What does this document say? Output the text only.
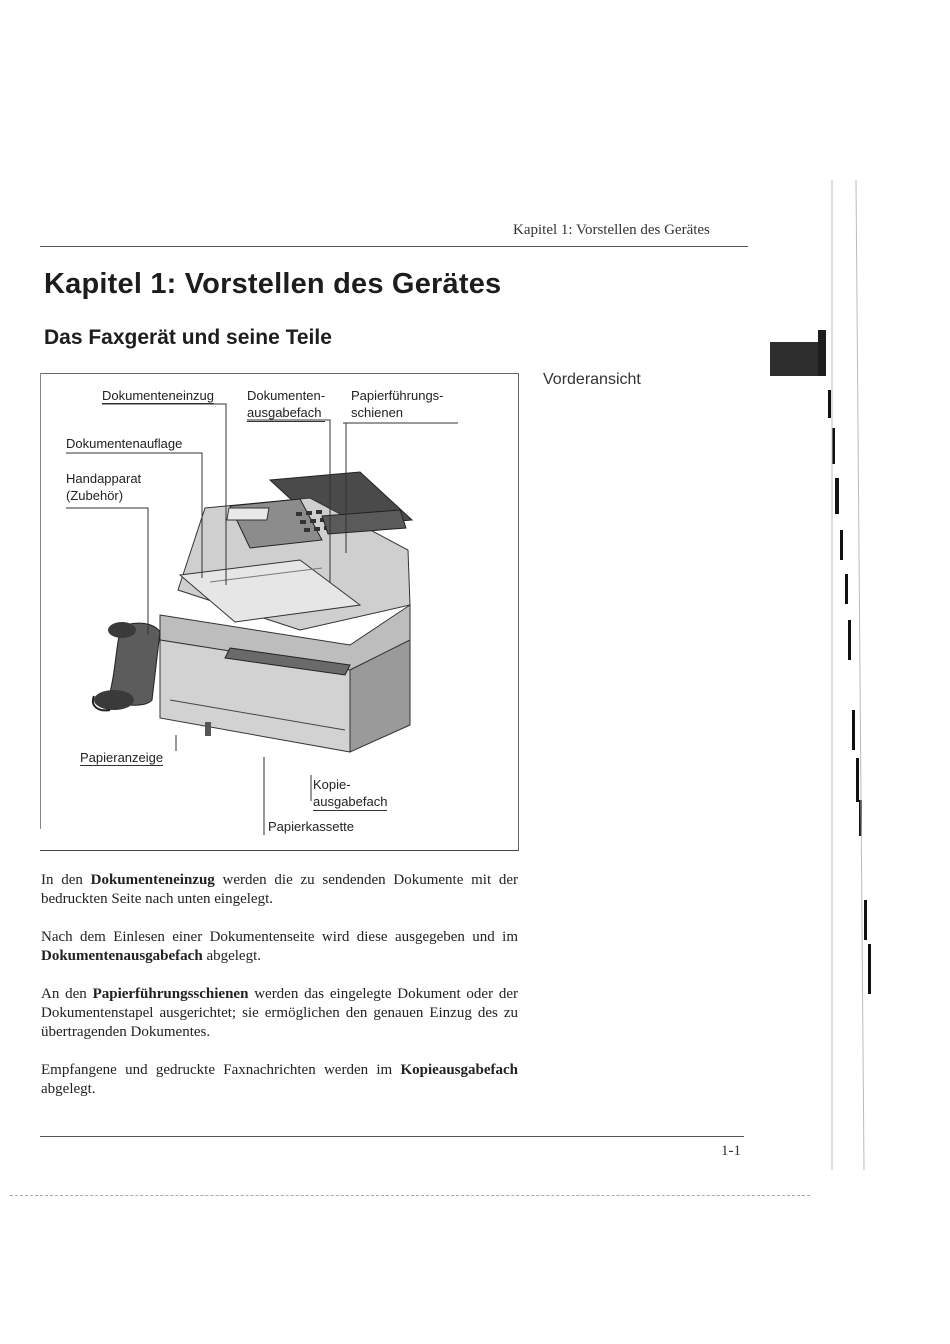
Kapitel 1: Vorstellen des Gerätes
Kapitel 1: Vorstellen des Gerätes
Das Faxgerät und seine Teile
Dokumenteneinzug	Dokumenten-
ausgabefach
Papierführungs-
schienen
Dokumentenauflage
Handapparat
(Zubehör)
Papieranzeige
Kopie-
ausgabefach
Papierkassette
Vorderansicht
In den Dokumenteneinzug werden die zu sendenden Dokumente mit der bedruckten Seite nach unten eingelegt.
Nach dem Einlesen einer Dokumentenseite wird diese ausgegeben und im Dokumentenausgabefach abgelegt.
An den Papierführungsschienen werden das eingelegte Dokument oder der Dokumentenstapel ausgerichtet; sie ermöglichen den genauen Einzug des zu übertragenden Dokumentes.
Empfangene und gedruckte Faxnachrichten werden im Kopieausgabefach abgelegt.
1-1
